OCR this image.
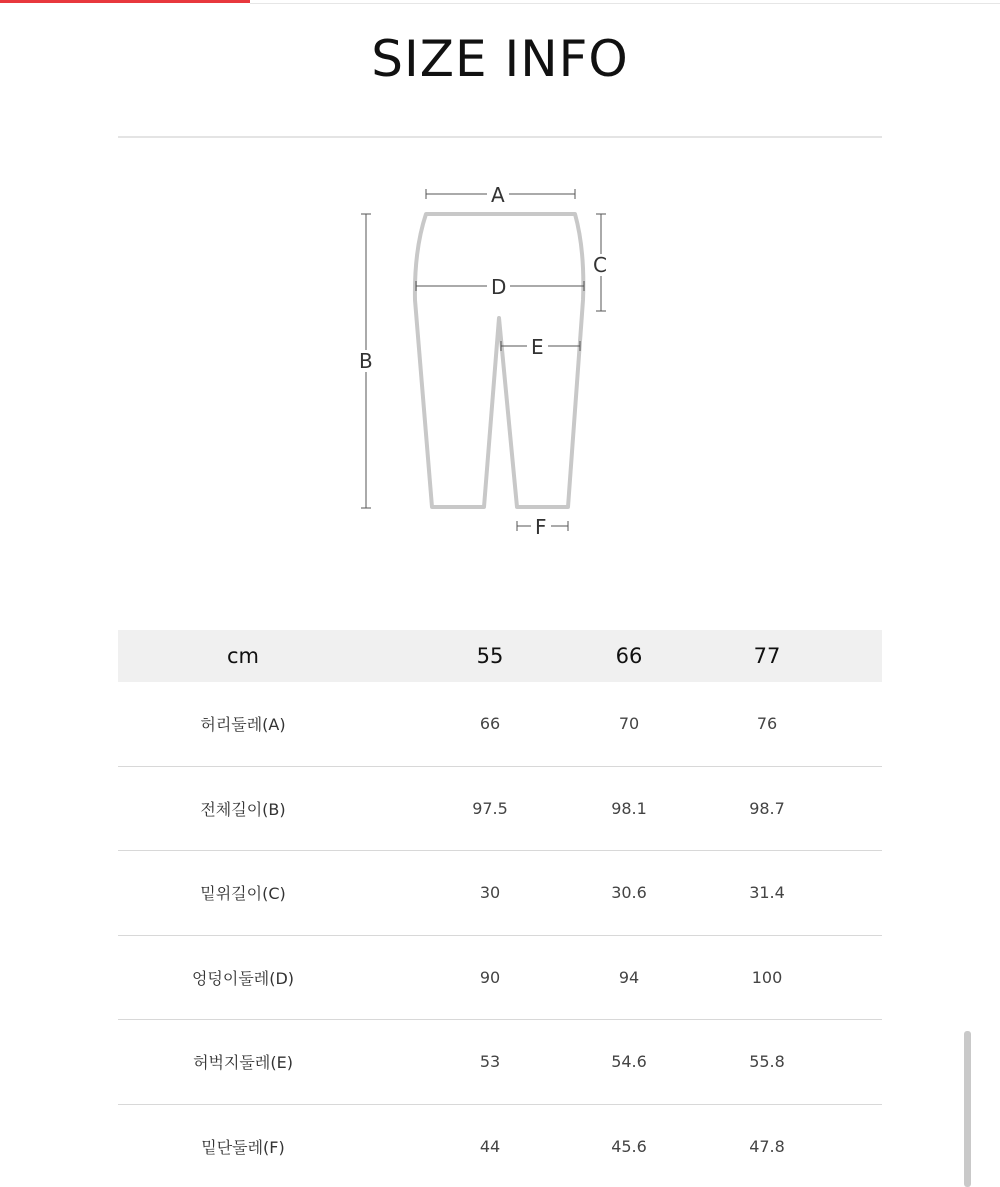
SIZE INFO
A
B
C
D
E
F
cm	55	66	77
허리둘레(A)	66	70	76
전체길이(B)	97.5	98.1	98.7
밑위길이(C)	30	30.6	31.4
엉덩이둘레(D)	90	94	100
허벅지둘레(E)	53	54.6	55.8
밑단둘레(F)	44	45.6	47.8
